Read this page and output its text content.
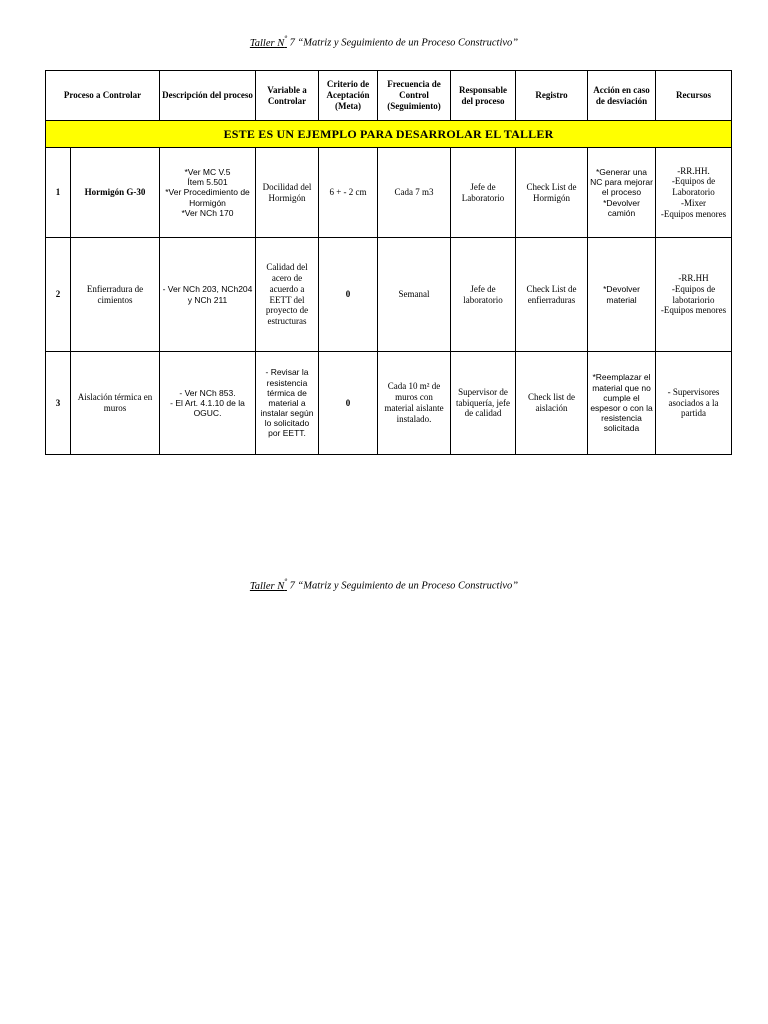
Taller $N^º$ 7 “Matriz y Seguimiento de un Proceso Constructivo”
Proceso a Controlar		Descripción del proceso	Variable a Controlar	Criterio de Aceptación (Meta)	Frecuencia de Control (Seguimiento)	Responsable del proceso	Registro	Acción en caso de desviación	Recursos
ESTE ES UN EJEMPLO PARA DESARROLAR EL TALLER									
1	Hormigón G-30	*Ver MC V.5
Ítem 5.501
*Ver Procedimiento de Hormigón
*Ver NCh 170	Docilidad del Hormigón	6 + - 2 cm	Cada 7 m3	Jefe de Laboratorio	Check List de Hormigón	*Generar una NC para mejorar el proceso
*Devolver camión	-RR.HH.
-Equipos de Laboratorio
-Mixer
-Equipos menores
2	Enfierradura de cimientos	- Ver NCh 203, NCh204 y NCh 211	Calidad del acero de acuerdo a EETT del proyecto de estructuras	0	Semanal	Jefe de laboratorio	Check List de enfierraduras	*Devolver material	-RR.HH
-Equipos de labotariorio
-Equipos menores
3	Aislación térmica en muros	- Ver NCh 853.
- El Art. 4.1.10 de la OGUC.	- Revisar la resistencia térmica de material a instalar según lo solicitado por EETT.	0	Cada 10 m² de muros con material aislante instalado.	Supervisor de tabiquería, jefe de calidad	Check list de aislación	*Reemplazar el material que no cumple el espesor o con la resistencia solicitada	- Supervisores asociados a la partida
Taller $N^º$ 7 “Matriz y Seguimiento de un Proceso Constructivo”
